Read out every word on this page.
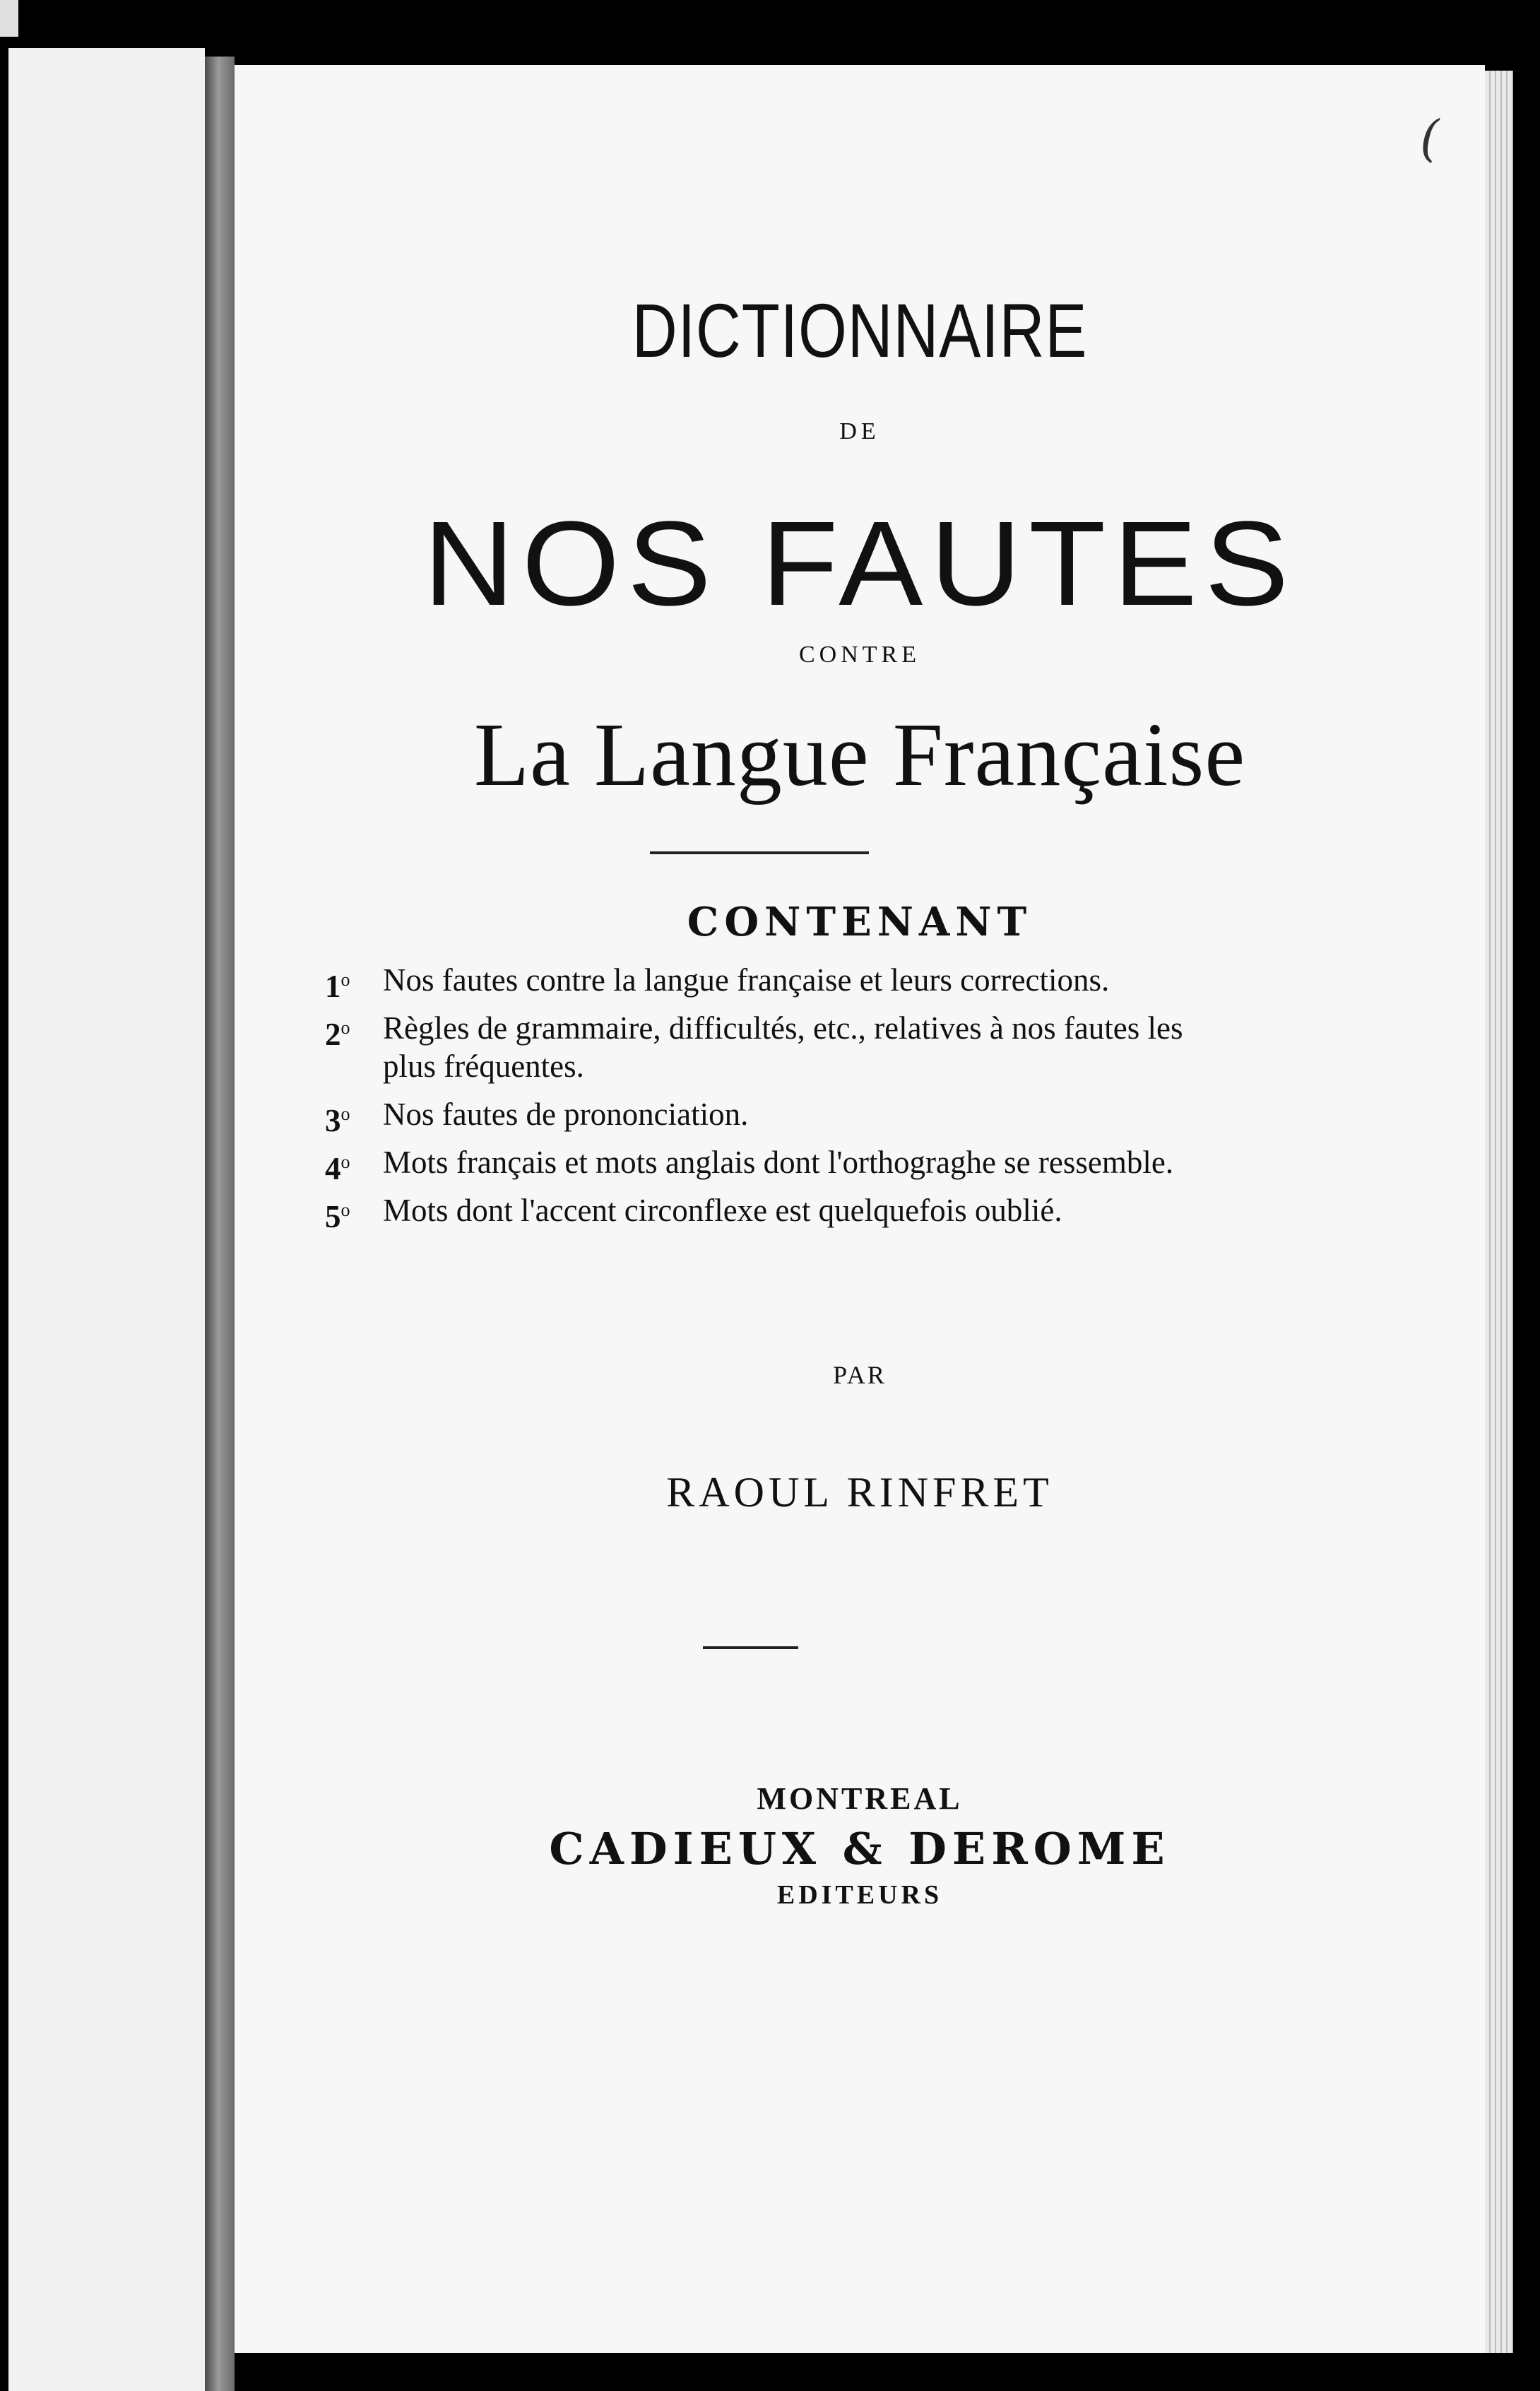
(
DICTIONNAIRE
DE
NOS FAUTES
CONTRE
La Langue Française
CONTENANT
1$^o$ Nos fautes contre la langue française et leurs corrections.
2$^o$ Règles de grammaire, difficultés, etc., relatives à nos fautes les plus fréquentes.
3$^o$ Nos fautes de prononciation.
4$^o$ Mots français et mots anglais dont l'orthograghe se ressemble.
5$^o$ Mots dont l'accent circonflexe est quelquefois oublié.
PAR
RAOUL RINFRET
MONTREAL
CADIEUX & DEROME
EDITEURS
